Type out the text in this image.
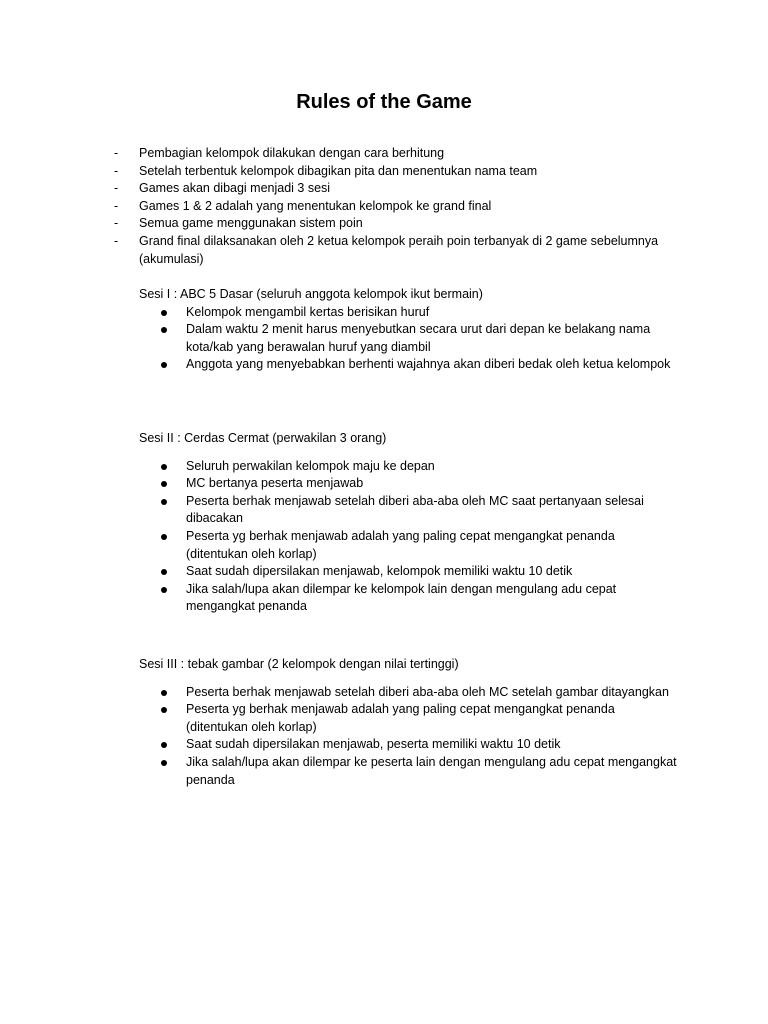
Rules of the Game
- Pembagian kelompok dilakukan dengan cara berhitung
- Setelah terbentuk kelompok dibagikan pita dan menentukan nama team
- Games akan dibagi menjadi 3 sesi
- Games 1 & 2 adalah yang menentukan kelompok ke grand final
- Semua game menggunakan sistem poin
- Grand final dilaksanakan oleh 2 ketua kelompok peraih poin terbanyak di 2 game sebelumnya (akumulasi)
Sesi I : ABC 5 Dasar (seluruh anggota kelompok ikut bermain)
Kelompok mengambil kertas berisikan huruf
Dalam waktu 2 menit harus menyebutkan secara urut dari depan ke belakang nama kota/kab yang berawalan huruf yang diambil
Anggota yang menyebabkan berhenti wajahnya akan diberi bedak oleh ketua kelompok
Sesi II : Cerdas Cermat (perwakilan 3 orang)
Seluruh perwakilan kelompok maju ke depan
MC bertanya peserta menjawab
Peserta berhak menjawab setelah diberi aba-aba oleh MC saat pertanyaan selesai dibacakan
Peserta yg berhak menjawab adalah yang paling cepat mengangkat penanda (ditentukan oleh korlap)
Saat sudah dipersilakan menjawab, kelompok memiliki waktu 10 detik
Jika salah/lupa akan dilempar ke kelompok lain dengan mengulang adu cepat mengangkat penanda
Sesi III : tebak gambar (2 kelompok dengan nilai tertinggi)
Peserta berhak menjawab setelah diberi aba-aba oleh MC setelah gambar ditayangkan
Peserta yg berhak menjawab adalah yang paling cepat mengangkat penanda (ditentukan oleh korlap)
Saat sudah dipersilakan menjawab, peserta memiliki waktu 10 detik
Jika salah/lupa akan dilempar ke peserta lain dengan mengulang adu cepat mengangkat penanda
